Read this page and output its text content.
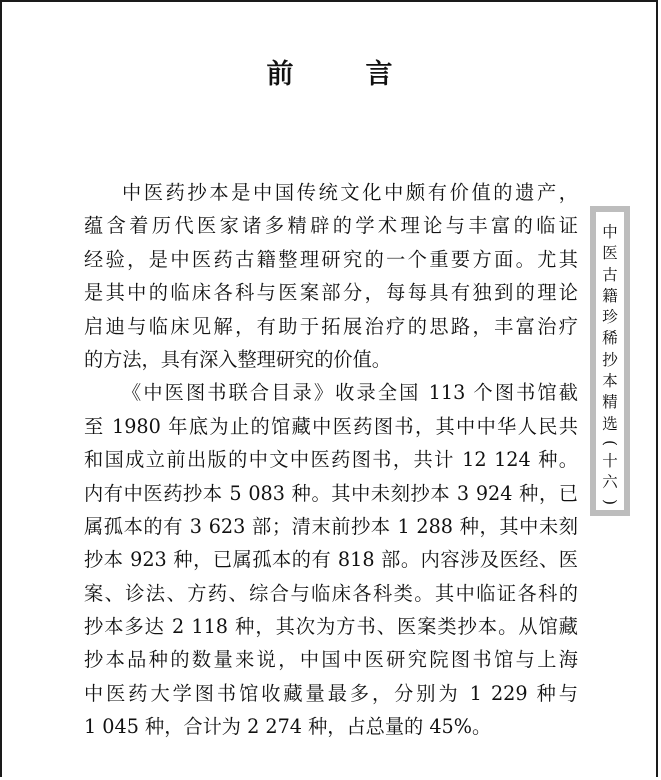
前	言
中医药抄本是中国传统文化中颇有价值的遗产，
蕴含着历代医家诸多精辟的学术理论与丰富的临证
经验，是中医药古籍整理研究的一个重要方面。尤其
是其中的临床各科与医案部分，每每具有独到的理论
启迪与临床见解，有助于拓展治疗的思路，丰富治疗
的方法，具有深入整理研究的价值。
《中医图书联合目录》收录全国 113 个图书馆截
至 1980 年底为止的馆藏中医药图书，其中中华人民共
和国成立前出版的中文中医药图书，共计 12 124 种。
内有中医药抄本 5 083 种。其中未刻抄本 3 924 种，已
属孤本的有 3 623 部；清末前抄本 1 288 种，其中未刻
抄本 923 种，已属孤本的有 818 部。内容涉及医经、医
案、诊法、方药、综合与临床各科类。其中临证各科的
抄本多达 2 118 种，其次为方书、医案类抄本。从馆藏
抄本品种的数量来说，中国中医研究院图书馆与上海
中医药大学图书馆收藏量最多，分别为 1 229 种与
1 045 种，合计为 2 274 种，占总量的 45%。
中
医
古
籍
珍
稀
抄
本
精
选
(
十
六
)
